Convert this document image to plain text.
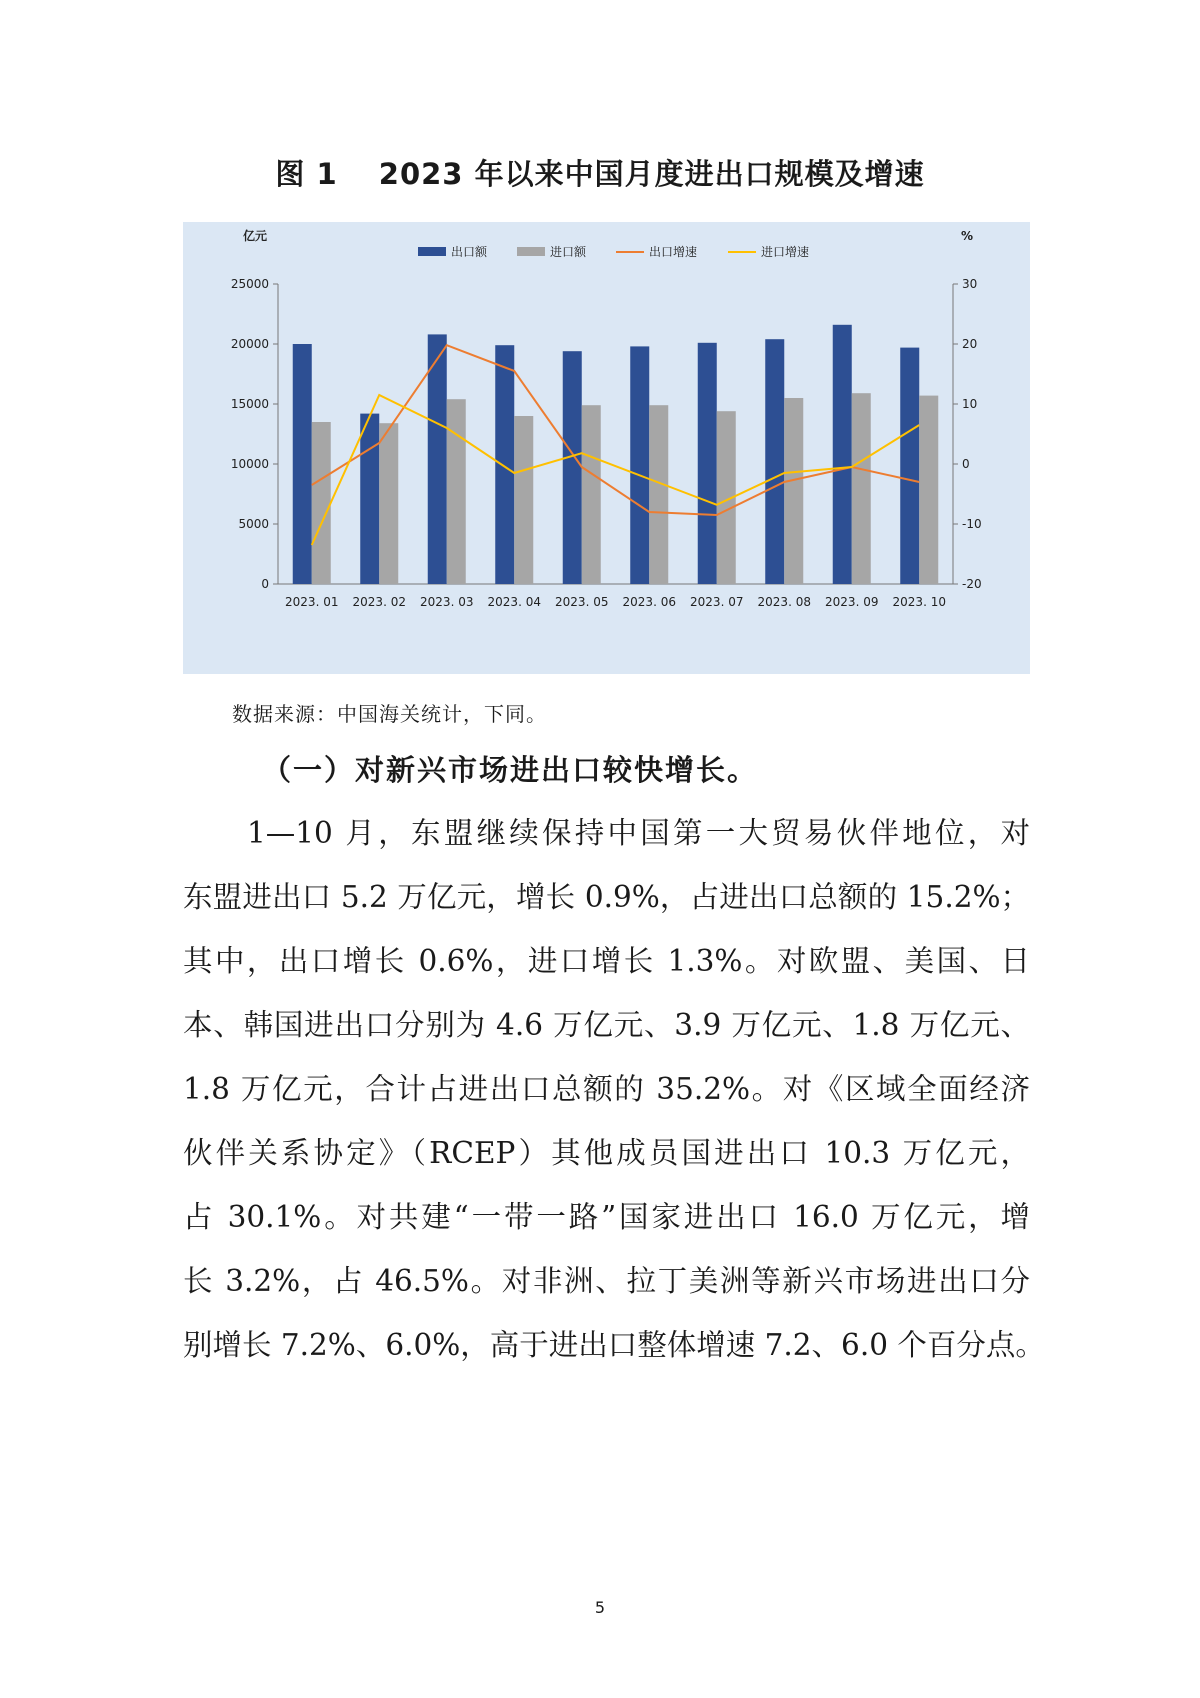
图 1　 2023 年以来中国月度进出口规模及增速
0
5000
10000
15000
20000
25000
-20
-10
0
10
20
30
亿元	%
2023. 01 2023. 02 2023. 03 2023. 04 2023. 05 2023. 06 2023. 07 2023. 08 2023. 09 2023. 10
出口额	进口额	出口增速	进口增速
数据来源：中国海关统计，下同。
（一）对新兴市场进出口较快增长。
1—10 月，东盟继续保持中国第一大贸易伙伴地位，对
东盟进出口 5.2 万亿元，增长 0.9%，占进出口总额的 15.2%；
其中，出口增长 0.6%，进口增长 1.3%。对欧盟、美国、日
本、韩国进出口分别为 4.6 万亿元、3.9 万亿元、1.8 万亿元、
1.8 万亿元，合计占进出口总额的 35.2%。对《区域全面经济
伙伴关系协定》（RCEP）其他成员国进出口 10.3 万亿元，
占 30.1%。对共建“一带一路”国家进出口 16.0 万亿元，增
长 3.2%，占 46.5%。对非洲、拉丁美洲等新兴市场进出口分
别增长 7.2%、6.0%，高于进出口整体增速 7.2、6.0 个百分点。
5
